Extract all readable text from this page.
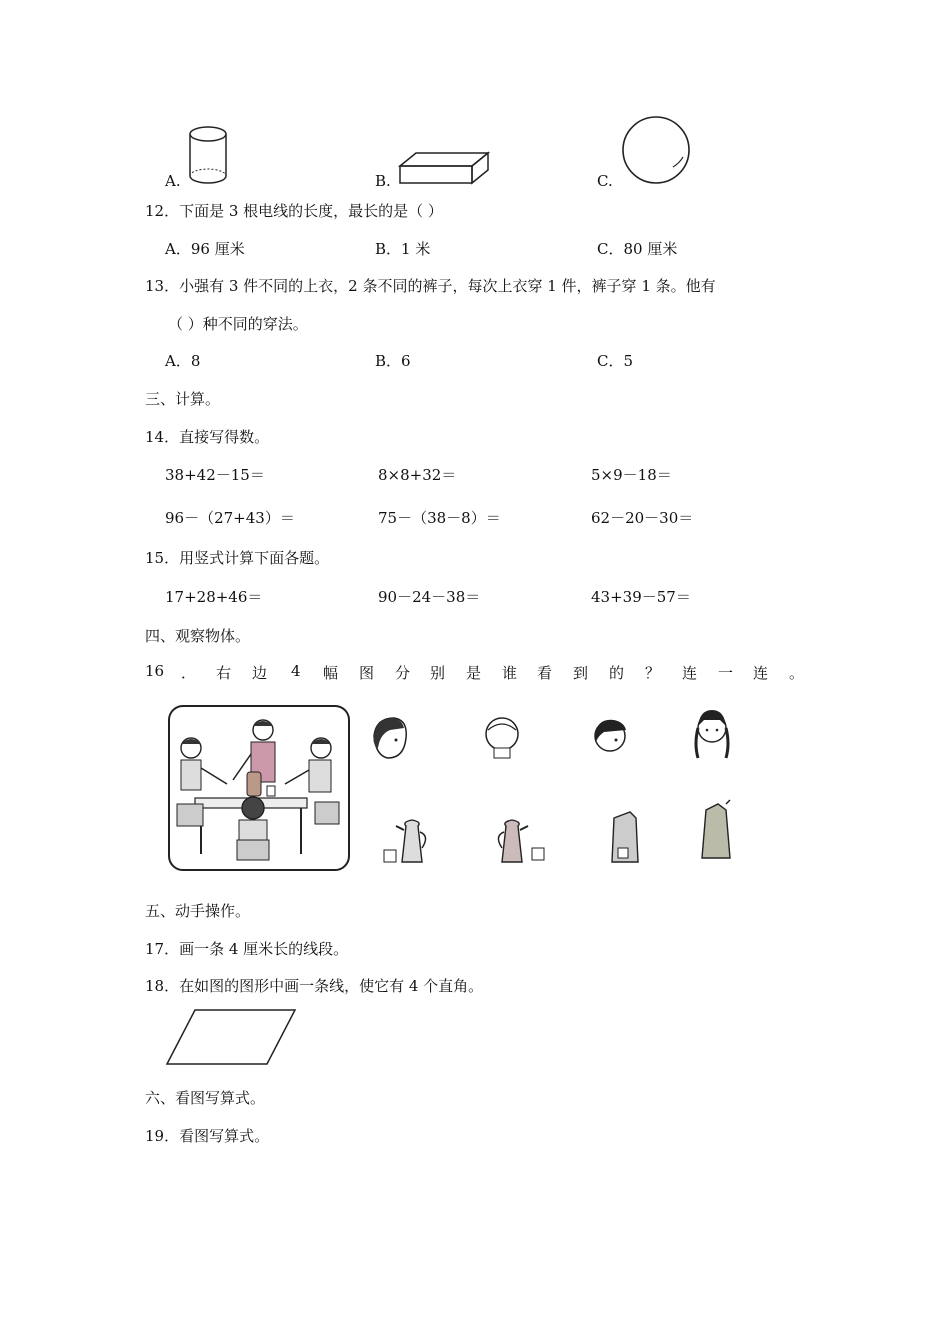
A.	B.	C.
12．下面是 3 根电线的长度，最长的是（ ）
A．96 厘米	B．1 米	C．80 厘米
13．小强有 3 件不同的上衣，2 条不同的裤子，每次上衣穿 1 件，裤子穿 1 条。他有
（ ）种不同的穿法。
A．8	B．6	C．5
三、计算。
14．直接写得数。
38+42－15＝	8×8+32＝	5×9－18＝
96－（27+43）＝	75－（38－8）＝	62－20－30＝
15．用竖式计算下面各题。
17+28+46＝	90－24－38＝	43+39－57＝
四、观察物体。
16 ． 右 边 4 幅 图 分 别 是 谁 看 到 的 ？ 连 一 连 。
五、动手操作。
17．画一条 4 厘米长的线段。
18．在如图的图形中画一条线，使它有 4 个直角。
六、看图写算式。
19．看图写算式。
